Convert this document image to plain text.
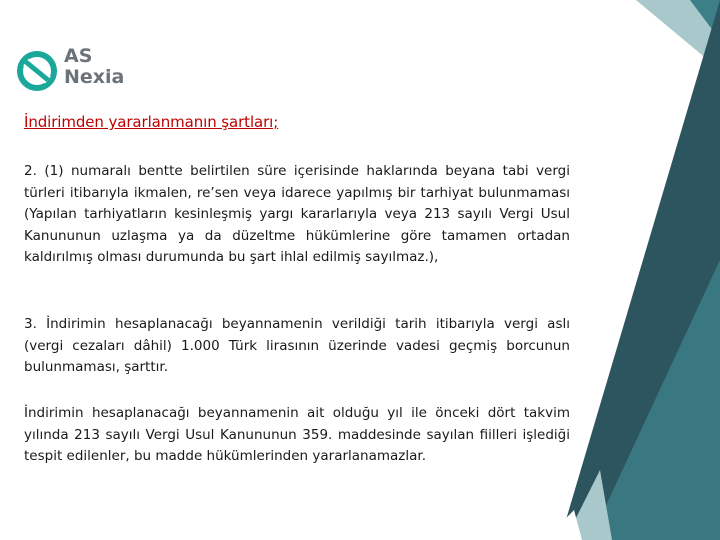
AS
Nexia
İndirimden yararlanmanın şartları;

2. (1) numaralı bentte belirtilen süre içerisinde haklarında beyana tabi vergi türleri itibarıyla ikmalen, re’sen veya idarece yapılmış bir tarhiyat bulunmaması (Yapılan tarhiyatların kesinleşmiş yargı kararlarıyla veya 213 sayılı Vergi Usul Kanununun uzlaşma ya da düzeltme hükümlerine göre tamamen ortadan kaldırılmış olması durumunda bu şart ihlal edilmiş sayılmaz.),

3. İndirimin hesaplanacağı beyannamenin verildiği tarih itibarıyla vergi aslı (vergi cezaları dâhil) 1.000 Türk lirasının üzerinde vadesi geçmiş borcunun bulunmaması, şarttır.

İndirimin hesaplanacağı beyannamenin ait olduğu yıl ile önceki dört takvim yılında 213 sayılı Vergi Usul Kanununun 359. maddesinde sayılan fiilleri işlediği tespit edilenler, bu madde hükümlerinden yararlanamazlar.
